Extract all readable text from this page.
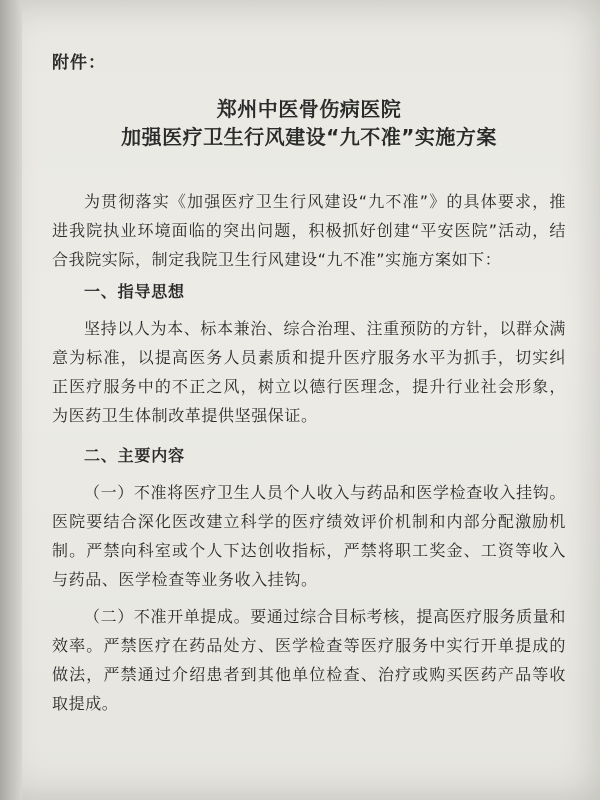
附件：
郑州中医骨伤病医院
加强医疗卫生行风建设“九不准”实施方案

为贯彻落实《加强医疗卫生行风建设“九不准”》的具体要求，推进我院执业环境面临的突出问题，积极抓好创建“平安医院”活动，结合我院实际，制定我院卫生行风建设“九不准”实施方案如下：

一、指导思想

坚持以人为本、标本兼治、综合治理、注重预防的方针，以群众满意为标准，以提高医务人员素质和提升医疗服务水平为抓手，切实纠正医疗服务中的不正之风，树立以德行医理念，提升行业社会形象，为医药卫生体制改革提供坚强保证。

二、主要内容

（一）不准将医疗卫生人员个人收入与药品和医学检查收入挂钩。医院要结合深化医改建立科学的医疗绩效评价机制和内部分配激励机制。严禁向科室或个人下达创收指标，严禁将职工奖金、工资等收入与药品、医学检查等业务收入挂钩。

（二）不准开单提成。要通过综合目标考核，提高医疗服务质量和效率。严禁医疗在药品处方、医学检查等医疗服务中实行开单提成的做法，严禁通过介绍患者到其他单位检查、治疗或购买医药产品等收取提成。
